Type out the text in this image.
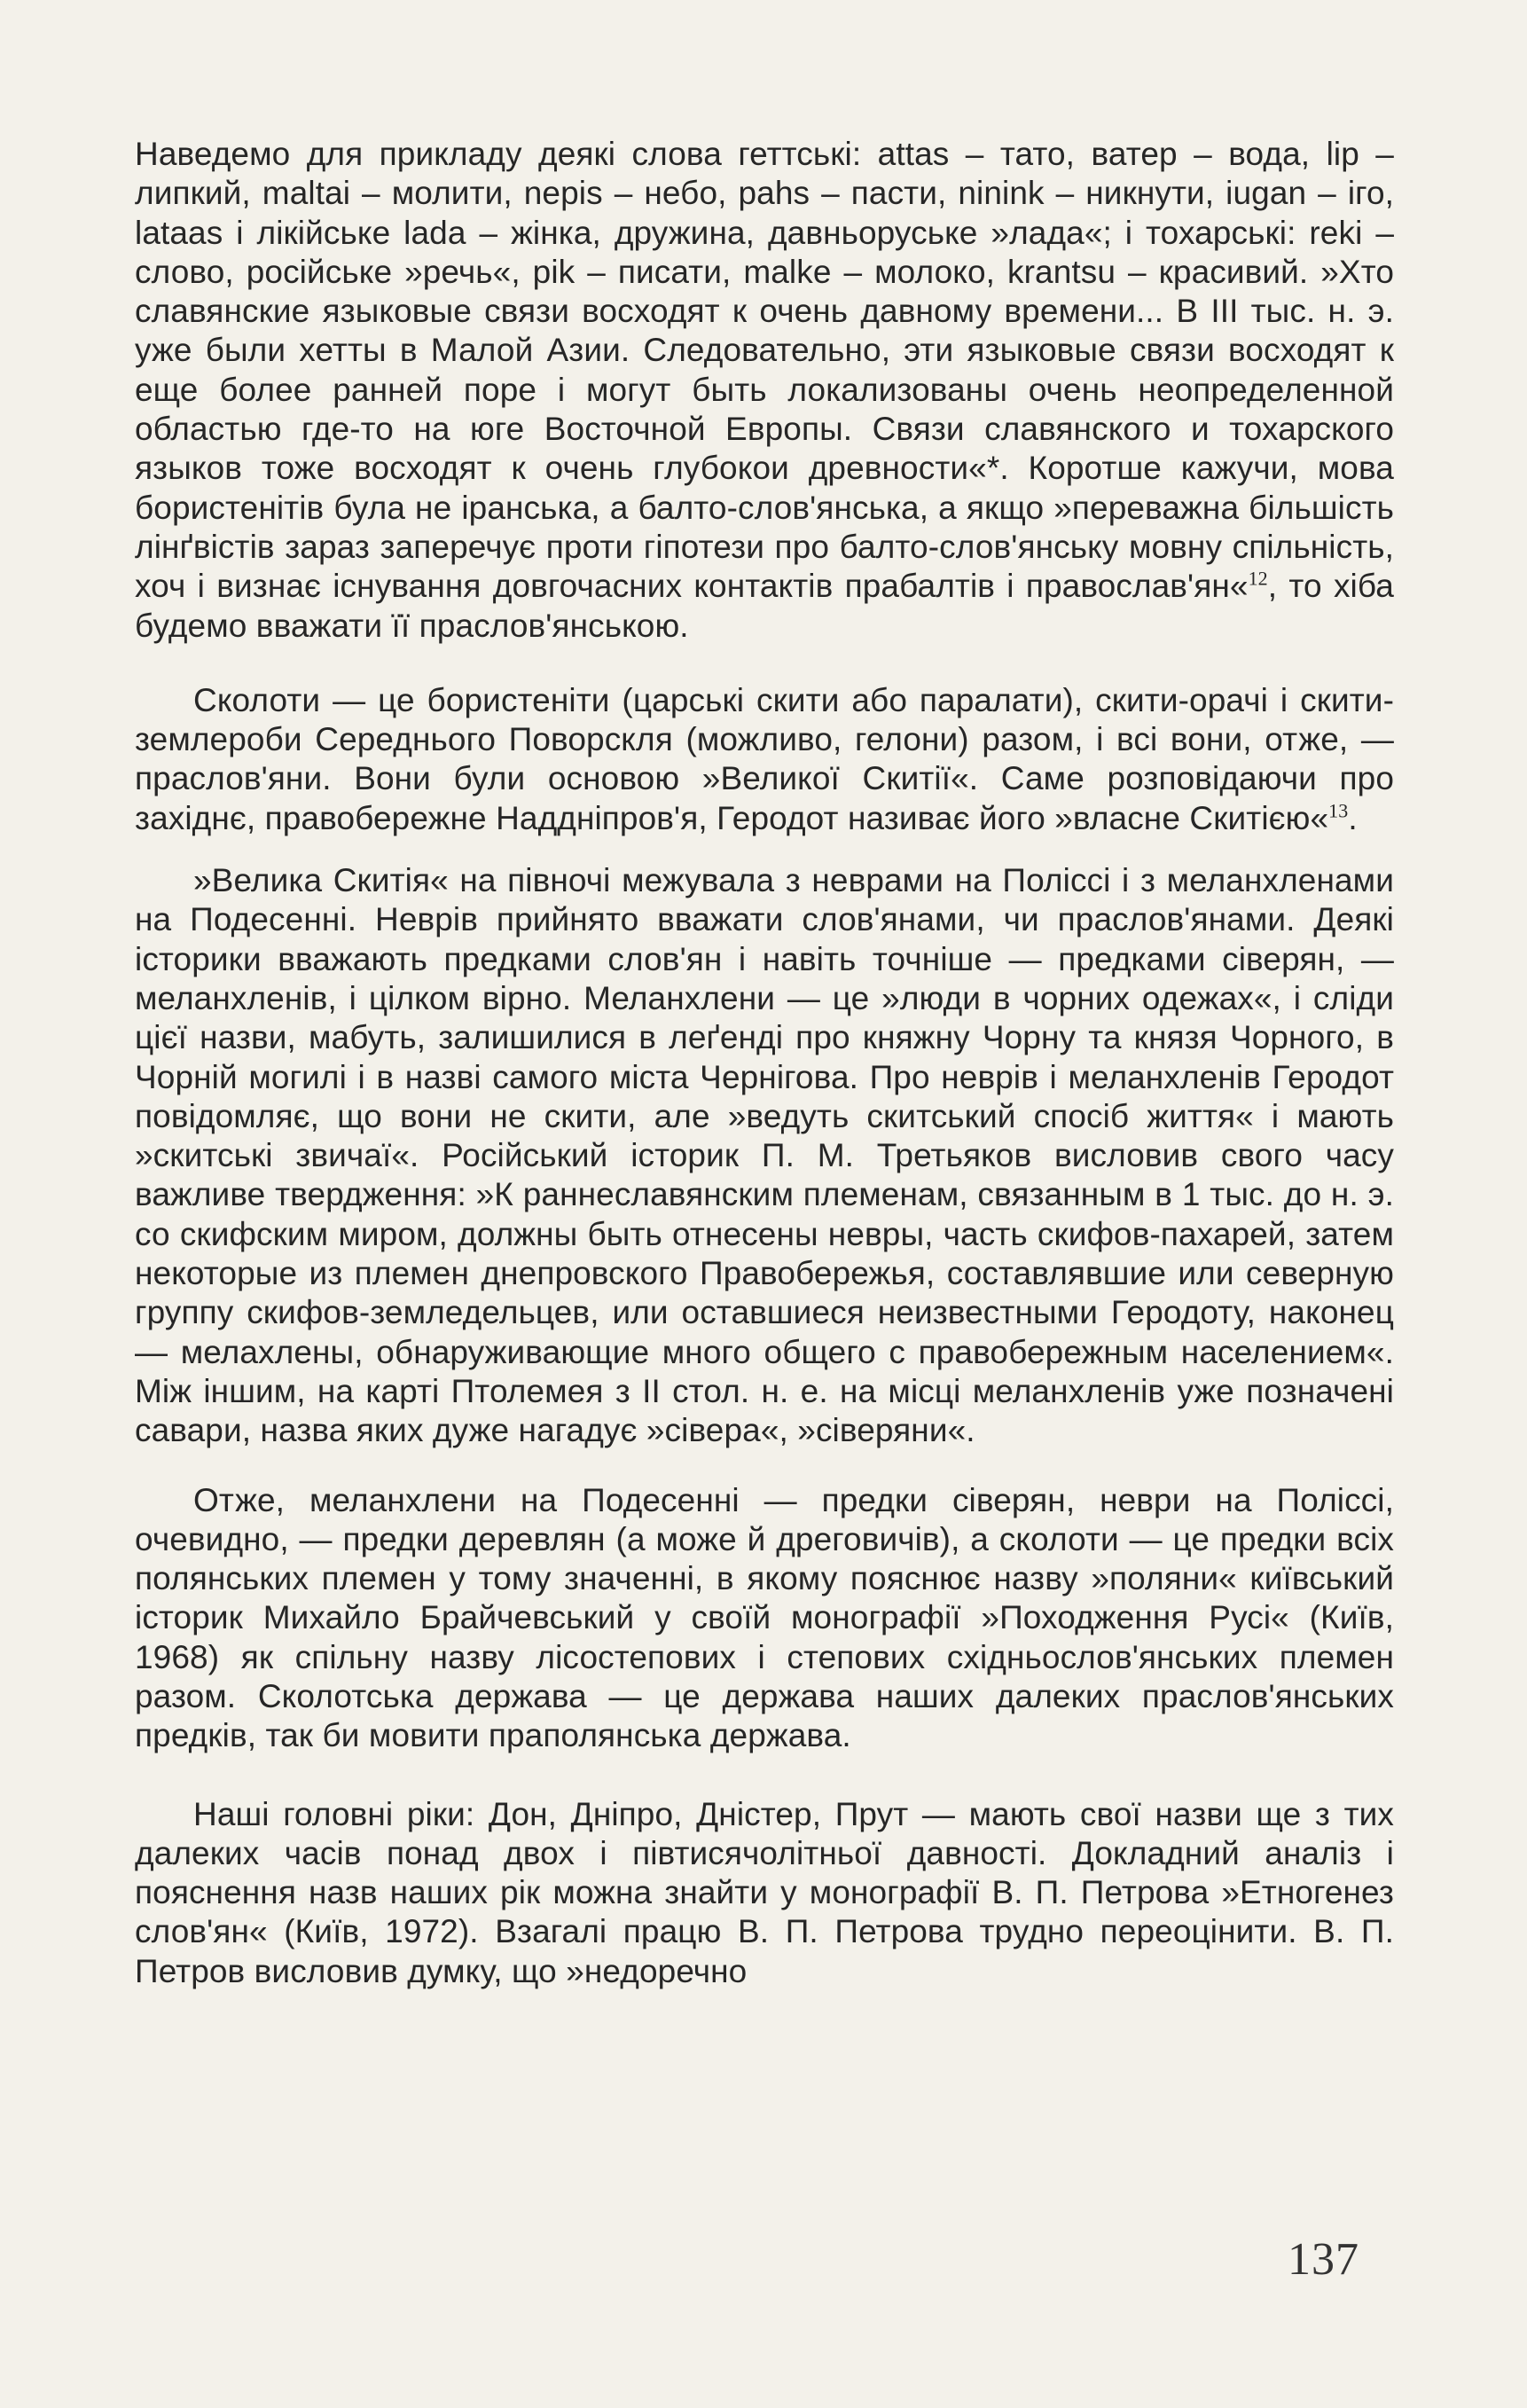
Наведемо для прикладу деякі слова геттські: attas – тато, ватер – вода, lip – липкий, maltai – молити, nepis – небо, pahs – пасти, ninink – никнути, iugan – іго, lataas і лікійське lada – жінка, дружина, давньоруське »лада«; і тохарські: reki – слово, російське »речь«, pik – писати, malke – молоко, krantsu – красивий. »Хто славянские языковые связи восходят к очень давному времени... В III тыс. н. э. уже были хетты в Малой Азии. Следовательно, эти языковые связи восходят к еще более ранней поре і могут быть локализованы очень неопределенной областью где-то на юге Восточной Европы. Связи славянского и тохарского языков тоже восходят к очень глубокои древности«*. Коротше кажучи, мова бористенітів була не іранська, а балто-слов'янська, а якщо »переважна більшість лінґвістів зараз заперечує проти гіпотези про балто-слов'янську мовну спільність, хоч і визнає існування довгочасних контактів прабалтів і православ'ян«$^{12}$, то хіба будемо вважати її праслов'янською.

Сколоти — це бористеніти (царські скити або паралати), скити-орачі і скити-землероби Середнього Поворскля (можливо, гелони) разом, і всі вони, отже, — праслов'яни. Вони були основою »Великої Скитії«. Саме розповідаючи про західнє, правобережне Наддніпров'я, Геродот називає його »власне Скитією«$^{13}$.

»Велика Скитія« на півночі межувала з неврами на Поліссі і з меланхленами на Подесенні. Неврів прийнято вважати слов'янами, чи праслов'янами. Деякі історики вважають предками слов'ян і навіть точніше — предками сіверян, — меланхленів, і цілком вірно. Меланхлени — це »люди в чорних одежах«, і сліди цієї назви, мабуть, залишилися в леґенді про княжну Чорну та князя Чорного, в Чорній могилі і в назві самого міста Чернігова. Про неврів і меланхленів Геродот повідомляє, що вони не скити, але »ведуть скитський спосіб життя« і мають »скитські звичаї«. Російський історик П. М. Третьяков висловив свого часу важливе твердження: »К раннеславянским племенам, связанным в 1 тыс. до н. э. со скифским миром, должны быть отнесены невры, часть скифов-пахарей, затем некоторые из племен днепровского Правобережья, составлявшие или северную группу скифов-земледельцев, или оставшиеся неизвестными Геродоту, наконец — мелахлены, обнаруживающие много общего с правобережным населением«. Між іншим, на карті Птолемея з II стол. н. е. на місці меланхленів уже позначені савари, назва яких дуже нагадує »сівера«, »сіверяни«.

Отже, меланхлени на Подесенні — предки сіверян, неври на Поліссі, очевидно, — предки деревлян (а може й дреговичів), а сколоти — це предки всіх полянських племен у тому значенні, в якому пояснює назву »поляни« київський історик Михайло Брайчевський у своїй монографії »Походження Русі« (Київ, 1968) як спільну назву лісостепових і степових східньослов'янських племен разом. Сколотська держава — це держава наших далеких праслов'янських предків, так би мовити праполянська держава.

Наші головні ріки: Дон, Дніпро, Дністер, Прут — мають свої назви ще з тих далеких часів понад двох і півтисячолітньої давності. Докладний аналіз і пояснення назв наших рік можна знайти у монографії В. П. Петрова »Етногенез слов'ян« (Київ, 1972). Взагалі працю В. П. Петрова трудно переоцінити. В. П. Петров висловив думку, що »недоречно

137
